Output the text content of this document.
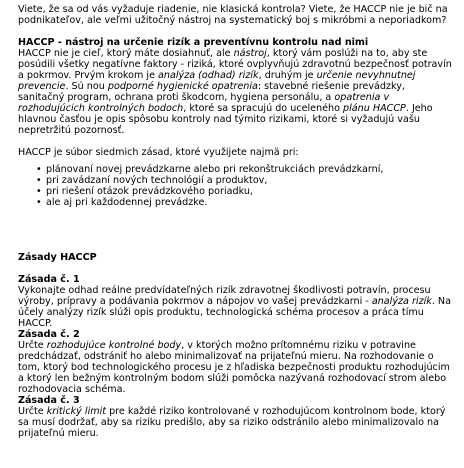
Viete, že sa od vás vyžaduje riadenie, nie klasická kontrola? Viete, že HACCP nie je bič na podnikateľov, ale veľmi užitočný nástroj na systematický boj s mikróbmi a neporiadkom?

HACCP - nástroj na určenie rizík a preventívnu kontrolu nad nimi

HACCP nie je cieľ, ktorý máte dosiahnuť, ale nástroj, ktorý vám poslúži na to, aby ste posúdili všetky negatívne faktory - riziká, ktoré ovplyvňujú zdravotnú bezpečnosť potravín a pokrmov. Prvým krokom je analýza (odhad) rizík, druhým je určenie nevyhnutnej prevencie. Sú nou podporné hygienické opatrenia: stavebné riešenie prevádzky, sanitačný program, ochrana proti škodcom, hygiena personálu, a opatrenia v rozhodujúcich kontrolných bodoch, ktoré sa spracujú do uceleného plánu HACCP. Jeho hlavnou časťou je opis spôsobu kontroly nad týmito rizikami, ktoré si vyžadujú vašu nepretržitú pozornosť.

HACCP je súbor siedmich zásad, ktoré využijete najmä pri:

• plánovaní novej prevádzkarne alebo pri rekonštrukciách prevádzkarní,
• pri zavádzaní nových technológií a produktov,
• pri riešení otázok prevádzkového poriadku,
• ale aj pri každodennej prevádzke.

Zásady HACCP

Zásada č. 1

Vykonajte odhad reálne predvídateľných rizík zdravotnej škodlivosti potravín, procesu výroby, prípravy a podávania pokrmov a nápojov vo vašej prevádzkarni - analýza rizík. Na účely analýzy rizík slúži opis produktu, technologická schéma procesov a práca tímu HACCP.

Zásada č. 2

Určte rozhodujúce kontrolné body, v ktorých možno prítomnému riziku v potravine predchádzať, odstrániť ho alebo minimalizovať na prijateľnú mieru. Na rozhodovanie o tom, ktorý bod technologického procesu je z hľadiska bezpečnosti produktu rozhodujúcim a ktorý len bežným kontrolným bodom slúži pomôcka nazývaná rozhodovací strom alebo rozhodovacia schéma.

Zásada č. 3

Určte kritický limit pre každé riziko kontrolované v rozhodujúcom kontrolnom bode, ktorý sa musí dodržať, aby sa riziku predišlo, aby sa riziko odstránilo alebo minimalizovalo na prijateľnú mieru.
